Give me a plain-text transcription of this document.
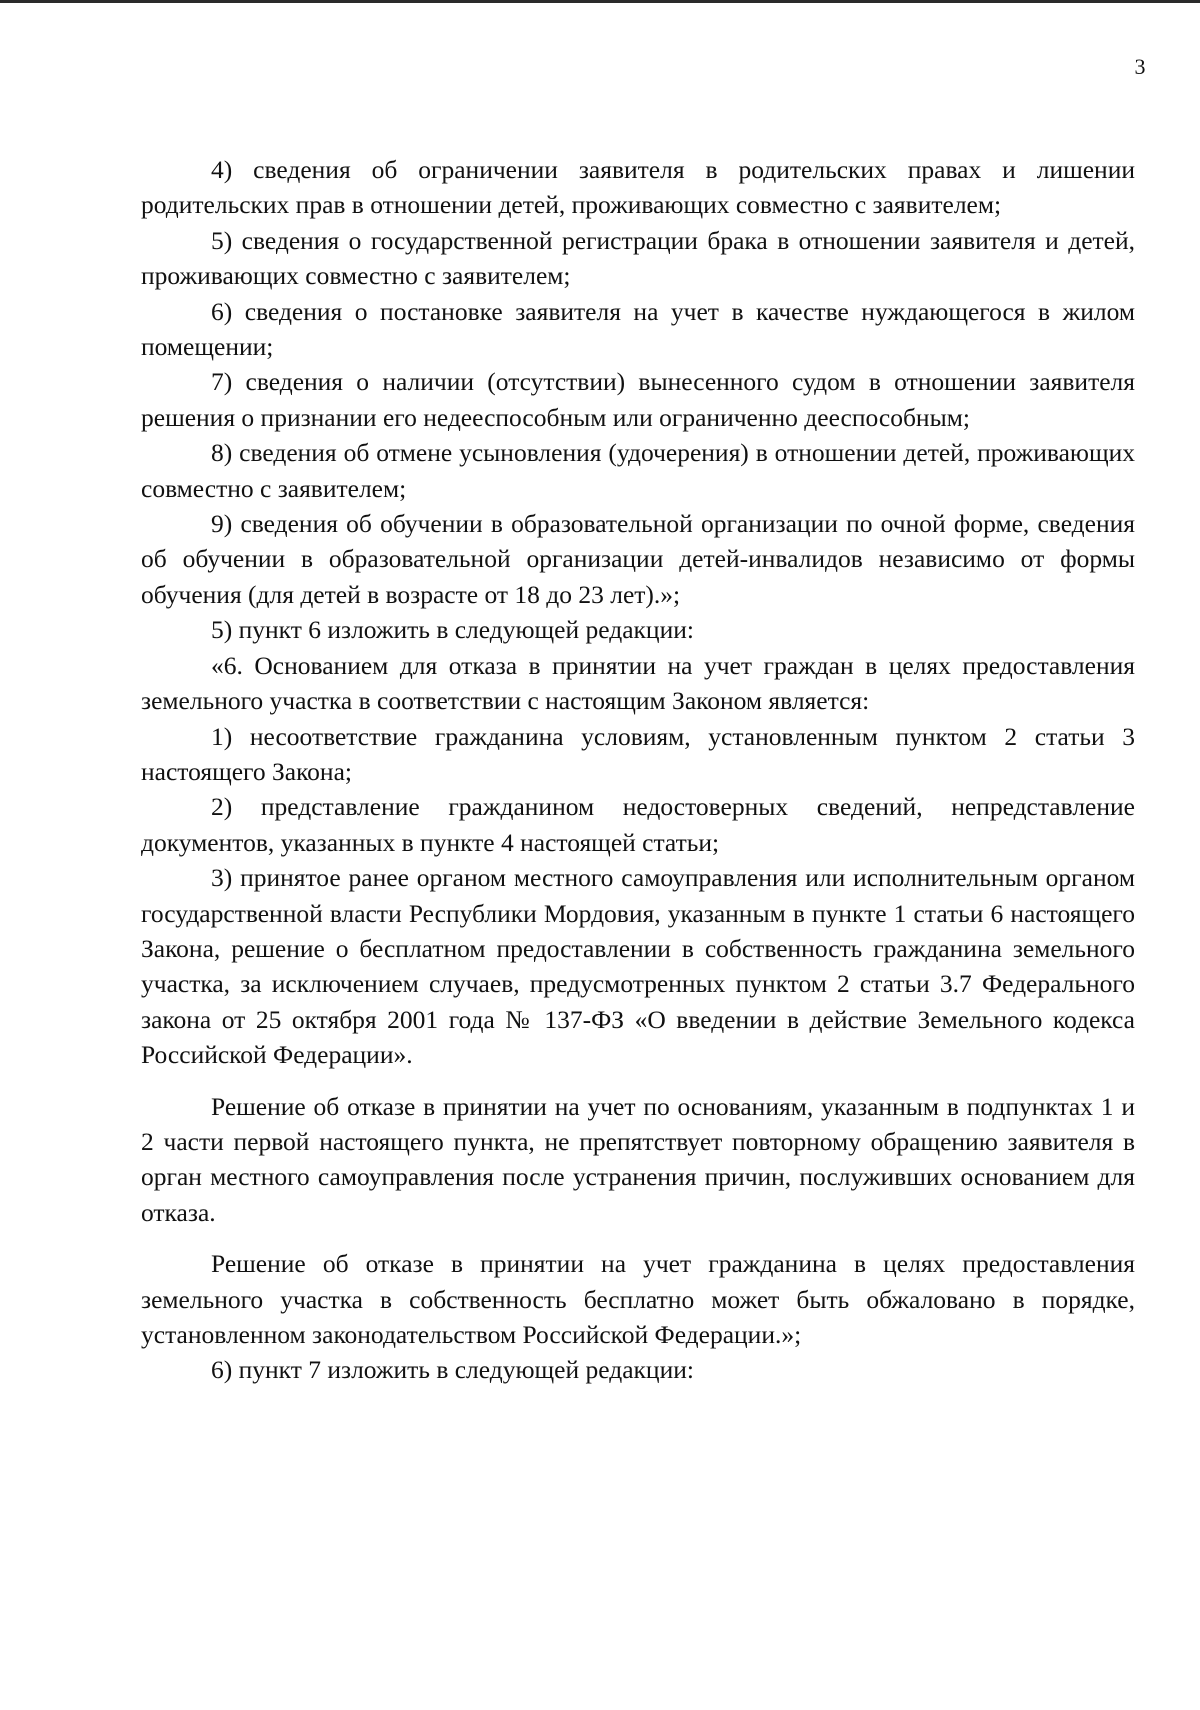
3

4) сведения об ограничении заявителя в родительских правах и лишении родительских прав в отношении детей, проживающих совместно с заявителем;

5) сведения о государственной регистрации брака в отношении заявителя и детей, проживающих совместно с заявителем;

6) сведения о постановке заявителя на учет в качестве нуждающегося в жилом помещении;

7) сведения о наличии (отсутствии) вынесенного судом в отношении заявителя решения о признании его недееспособным или ограниченно дееспособным;

8) сведения об отмене усыновления (удочерения) в отношении детей, проживающих совместно с заявителем;

9) сведения об обучении в образовательной организации по очной форме, сведения об обучении в образовательной организации детей-инвалидов независимо от формы обучения (для детей в возрасте от 18 до 23 лет).»;

5) пункт 6 изложить в следующей редакции:

«6. Основанием для отказа в принятии на учет граждан в целях предоставления земельного участка в соответствии с настоящим Законом является:

1) несоответствие гражданина условиям, установленным пунктом 2 статьи 3 настоящего Закона;

2) представление гражданином недостоверных сведений, непредставление документов, указанных в пункте 4 настоящей статьи;

3) принятое ранее органом местного самоуправления или исполнительным органом государственной власти Республики Мордовия, указанным в пункте 1 статьи 6 настоящего Закона, решение о бесплатном предоставлении в собственность гражданина земельного участка, за исключением случаев, предусмотренных пунктом 2 статьи 3.7 Федерального закона от 25 октября 2001 года № 137-ФЗ «О введении в действие Земельного кодекса Российской Федерации».

Решение об отказе в принятии на учет по основаниям, указанным в подпунктах 1 и 2 части первой настоящего пункта, не препятствует повторному обращению заявителя в орган местного самоуправления после устранения причин, послуживших основанием для отказа.

Решение об отказе в принятии на учет гражданина в целях предоставления земельного участка в собственность бесплатно может быть обжаловано в порядке, установленном законодательством Российской Федерации.»;

6) пункт 7 изложить в следующей редакции:
